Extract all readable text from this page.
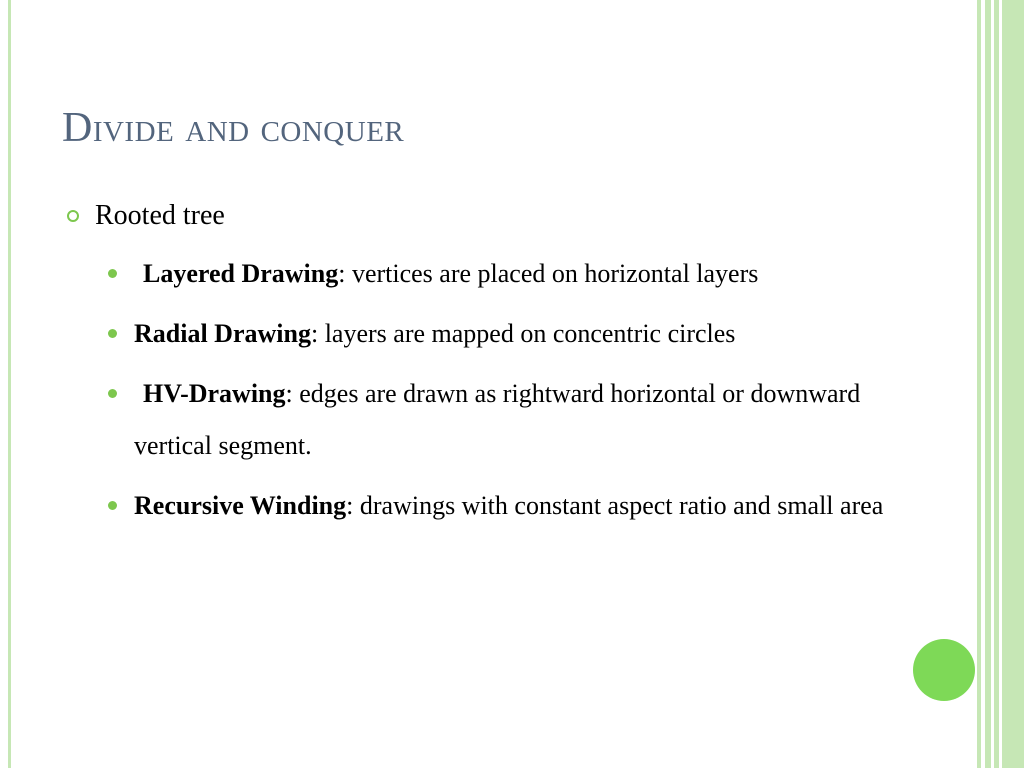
Divide and conquer
Rooted tree
Layered Drawing: vertices are placed on horizontal layers
Radial Drawing: layers are mapped on concentric circles
HV-Drawing: edges are drawn as rightward horizontal or downward vertical segment.
Recursive Winding: drawings with constant aspect ratio and small area
